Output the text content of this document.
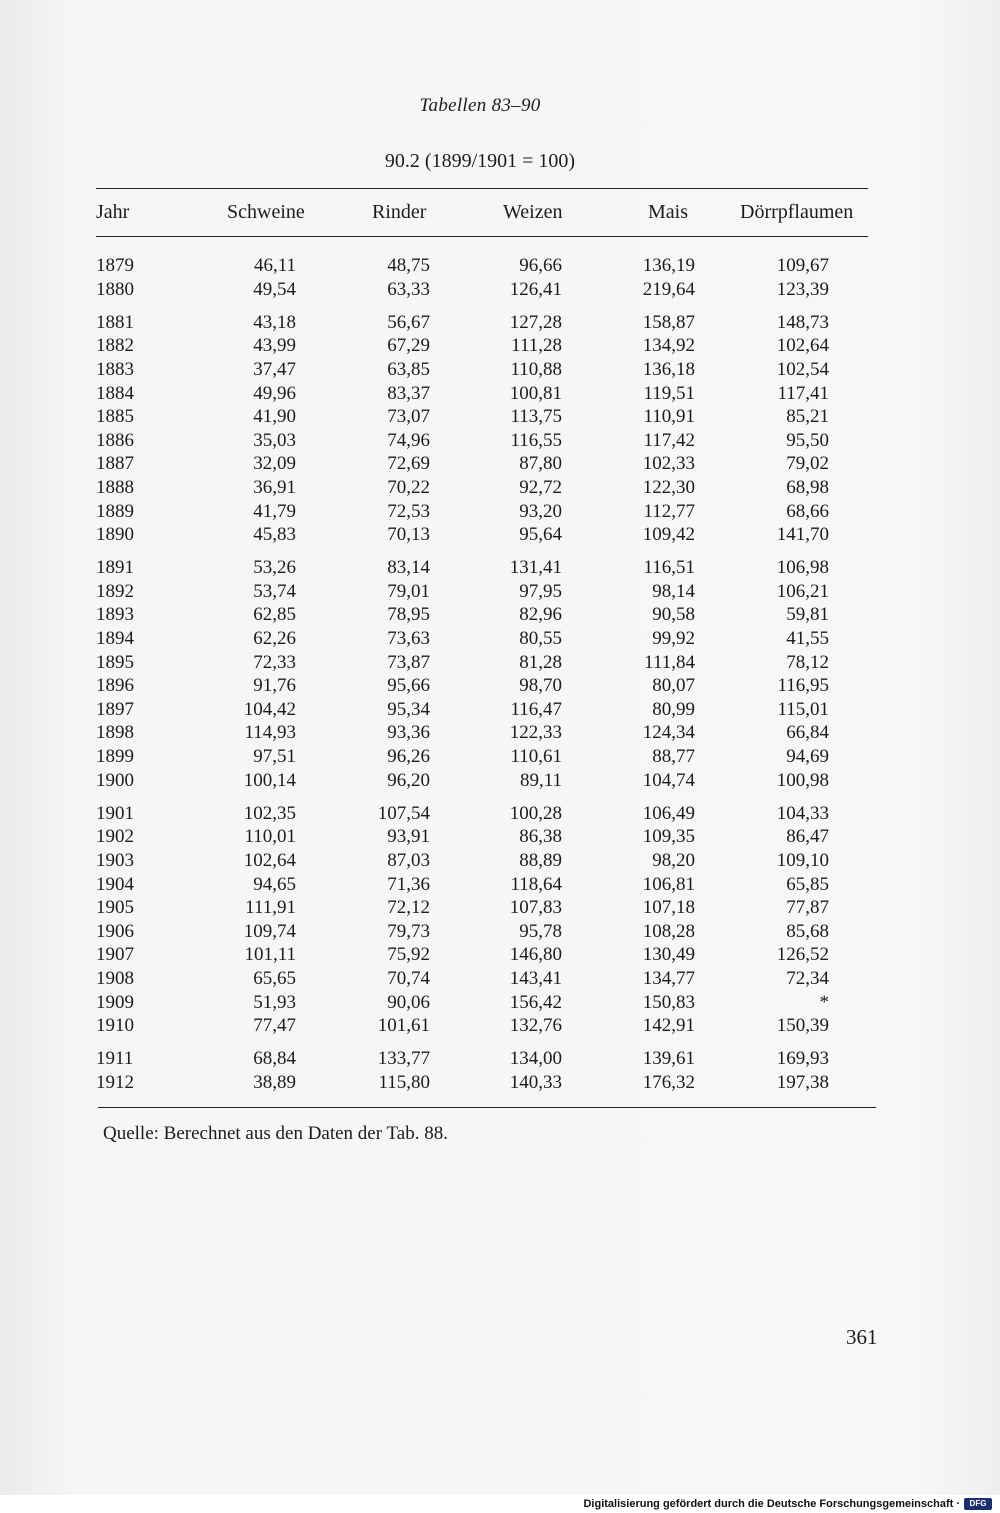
Tabellen 83–90
90.2 (1899/1901 = 100)
Jahr	Schweine	Rinder	Weizen	Mais	Dörrpflaumen
1879	46,11	48,75	96,66	136,19	109,67
1880	49,54	63,33	126,41	219,64	123,39
1881	43,18	56,67	127,28	158,87	148,73
1882	43,99	67,29	111,28	134,92	102,64
1883	37,47	63,85	110,88	136,18	102,54
1884	49,96	83,37	100,81	119,51	117,41
1885	41,90	73,07	113,75	110,91	85,21
1886	35,03	74,96	116,55	117,42	95,50
1887	32,09	72,69	87,80	102,33	79,02
1888	36,91	70,22	92,72	122,30	68,98
1889	41,79	72,53	93,20	112,77	68,66
1890	45,83	70,13	95,64	109,42	141,70
1891	53,26	83,14	131,41	116,51	106,98
1892	53,74	79,01	97,95	98,14	106,21
1893	62,85	78,95	82,96	90,58	59,81
1894	62,26	73,63	80,55	99,92	41,55
1895	72,33	73,87	81,28	111,84	78,12
1896	91,76	95,66	98,70	80,07	116,95
1897	104,42	95,34	116,47	80,99	115,01
1898	114,93	93,36	122,33	124,34	66,84
1899	97,51	96,26	110,61	88,77	94,69
1900	100,14	96,20	89,11	104,74	100,98
1901	102,35	107,54	100,28	106,49	104,33
1902	110,01	93,91	86,38	109,35	86,47
1903	102,64	87,03	88,89	98,20	109,10
1904	94,65	71,36	118,64	106,81	65,85
1905	111,91	72,12	107,83	107,18	77,87
1906	109,74	79,73	95,78	108,28	85,68
1907	101,11	75,92	146,80	130,49	126,52
1908	65,65	70,74	143,41	134,77	72,34
1909	51,93	90,06	156,42	150,83	*
1910	77,47	101,61	132,76	142,91	150,39
1911	68,84	133,77	134,00	139,61	169,93
1912	38,89	115,80	140,33	176,32	197,38
Quelle: Berechnet aus den Daten der Tab. 88.
361
Digitalisierung gefördert durch die Deutsche Forschungsgemeinschaft ·	DFG
